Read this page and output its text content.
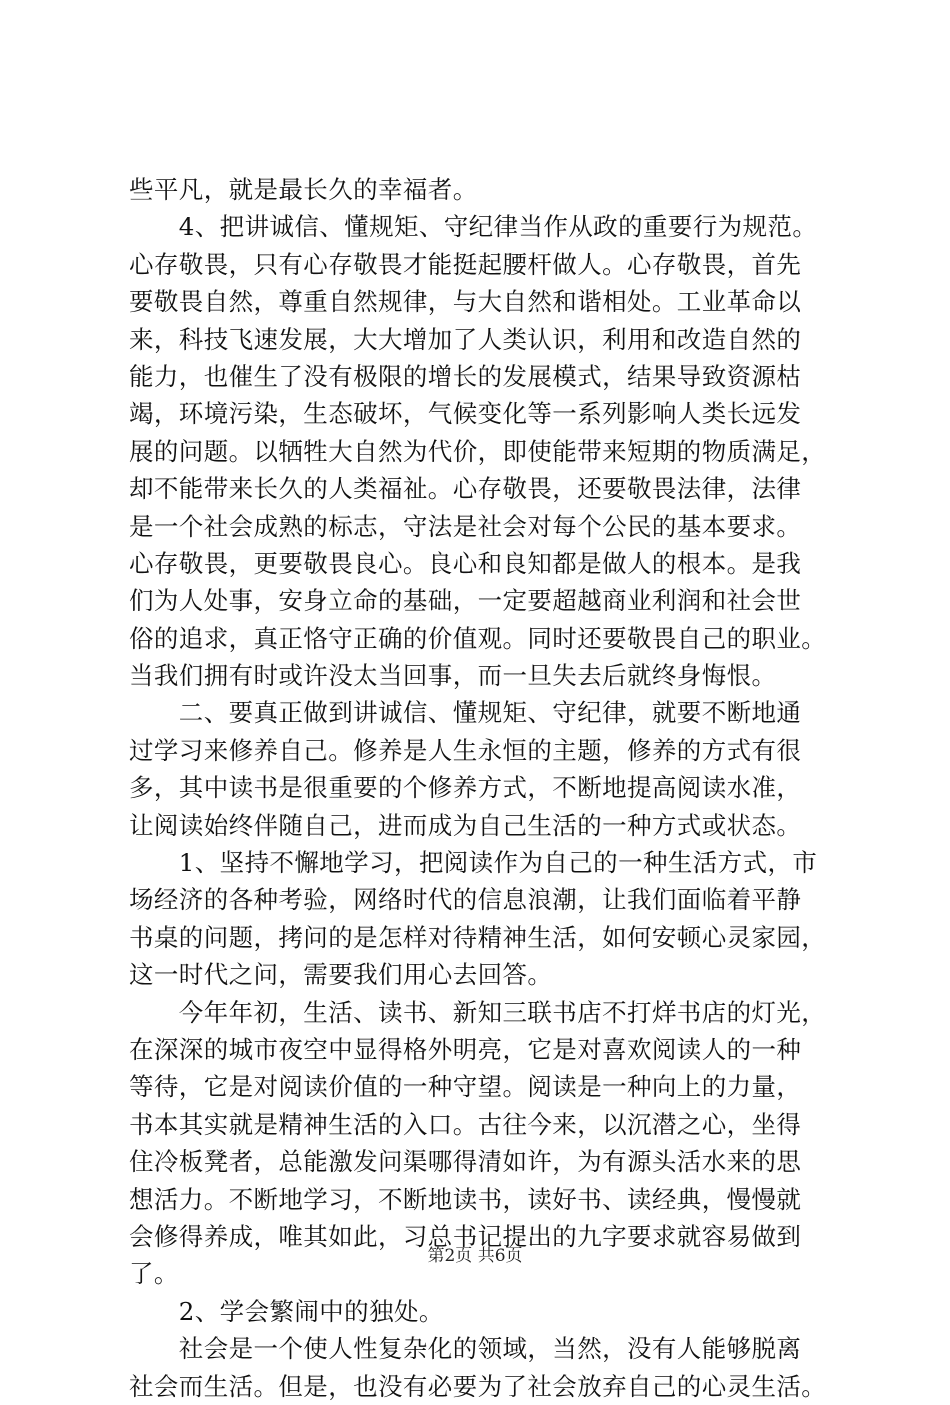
些平凡，就是最长久的幸福者。
　　4、把讲诚信、懂规矩、守纪律当作从政的重要行为规范。
心存敬畏，只有心存敬畏才能挺起腰杆做人。心存敬畏，首先
要敬畏自然，尊重自然规律，与大自然和谐相处。工业革命以
来，科技飞速发展，大大增加了人类认识，利用和改造自然的
能力，也催生了没有极限的增长的发展模式，结果导致资源枯
竭，环境污染，生态破坏，气候变化等一系列影响人类长远发
展的问题。以牺牲大自然为代价，即使能带来短期的物质满足，
却不能带来长久的人类福祉。心存敬畏，还要敬畏法律，法律
是一个社会成熟的标志，守法是社会对每个公民的基本要求。
心存敬畏，更要敬畏良心。良心和良知都是做人的根本。是我
们为人处事，安身立命的基础，一定要超越商业利润和社会世
俗的追求，真正恪守正确的价值观。同时还要敬畏自己的职业。
当我们拥有时或许没太当回事，而一旦失去后就终身悔恨。
　　二、要真正做到讲诚信、懂规矩、守纪律，就要不断地通
过学习来修养自己。修养是人生永恒的主题，修养的方式有很
多，其中读书是很重要的个修养方式，不断地提高阅读水准，
让阅读始终伴随自己，进而成为自己生活的一种方式或状态。
　　1、坚持不懈地学习，把阅读作为自己的一种生活方式，市
场经济的各种考验，网络时代的信息浪潮，让我们面临着平静
书桌的问题，拷问的是怎样对待精神生活，如何安顿心灵家园，
这一时代之问，需要我们用心去回答。
　　今年年初，生活、读书、新知三联书店不打烊书店的灯光，
在深深的城市夜空中显得格外明亮，它是对喜欢阅读人的一种
等待，它是对阅读价值的一种守望。阅读是一种向上的力量，
书本其实就是精神生活的入口。古往今来，以沉潜之心，坐得
住冷板凳者，总能激发问渠哪得清如许，为有源头活水来的思
想活力。不断地学习，不断地读书，读好书、读经典，慢慢就
会修得养成，唯其如此，习总书记提出的九字要求就容易做到
了。
　　2、学会繁闹中的独处。
　　社会是一个使人性复杂化的领域，当然，没有人能够脱离
社会而生活。但是，也没有必要为了社会放弃自己的心灵生活。
第2页 共6页
